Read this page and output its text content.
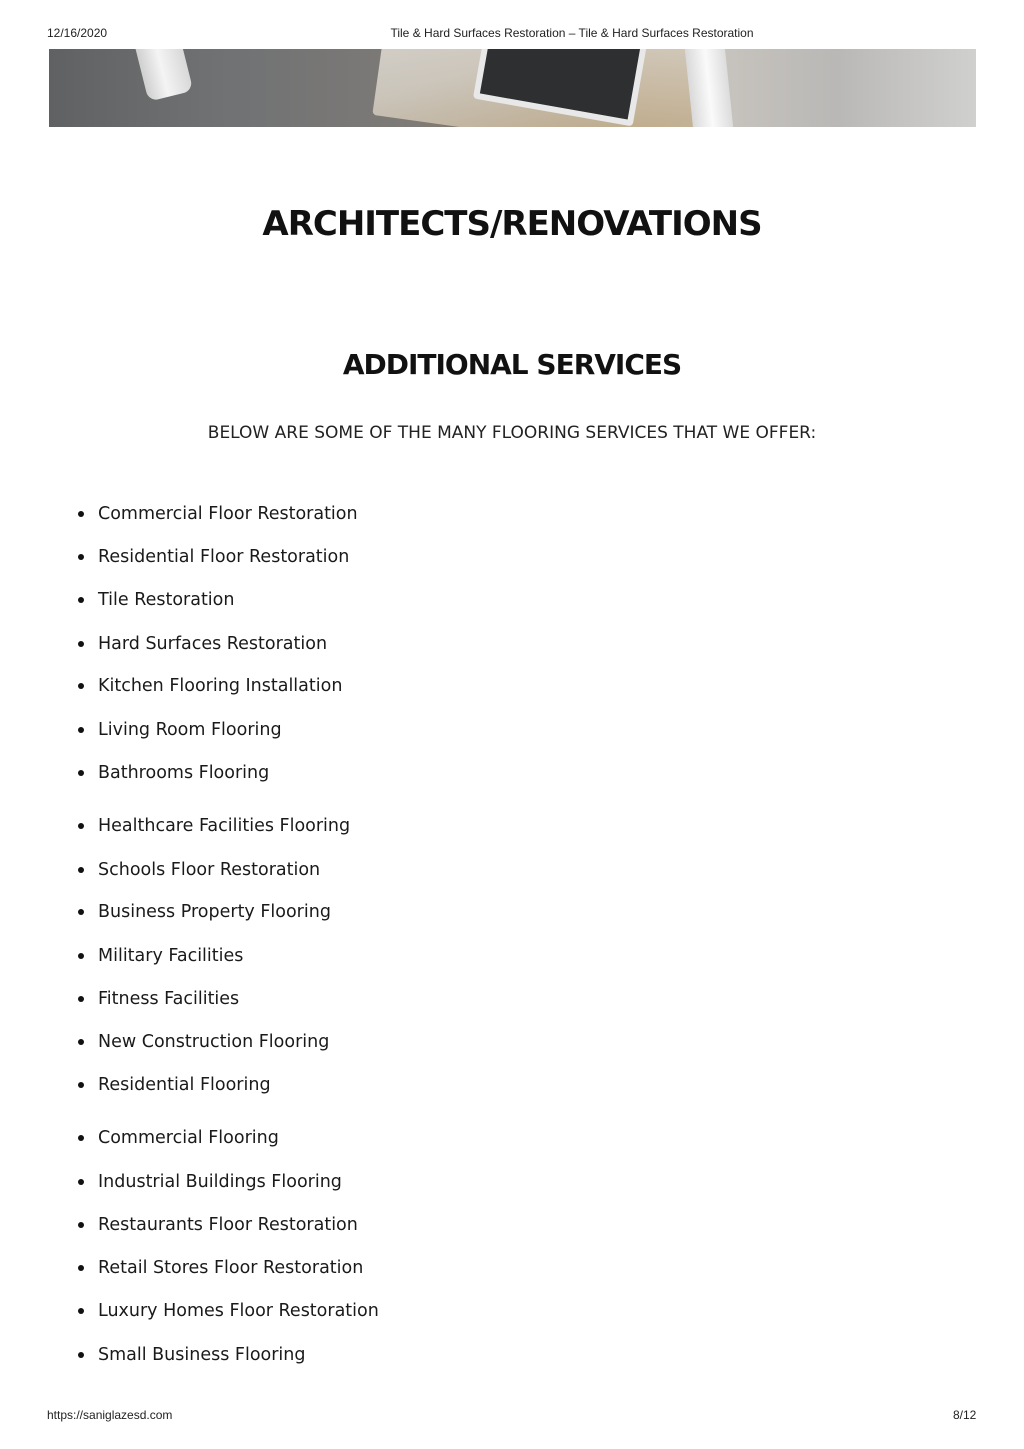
12/16/2020	Tile & Hard Surfaces Restoration – Tile & Hard Surfaces Restoration
ARCHITECTS/RENOVATIONS
ADDITIONAL SERVICES

BELOW ARE SOME OF THE MANY FLOORING SERVICES THAT WE OFFER:

Commercial Floor Restoration
Residential Floor Restoration
Tile Restoration
Hard Surfaces Restoration
Kitchen Flooring Installation
Living Room Flooring
Bathrooms Flooring
Healthcare Facilities Flooring
Schools Floor Restoration
Business Property Flooring
Military Facilities
Fitness Facilities
New Construction Flooring
Residential Flooring
Commercial Flooring
Industrial Buildings Flooring
Restaurants Floor Restoration
Retail Stores Floor Restoration
Luxury Homes Floor Restoration
Small Business Flooring
https://saniglazesd.com	8/12
